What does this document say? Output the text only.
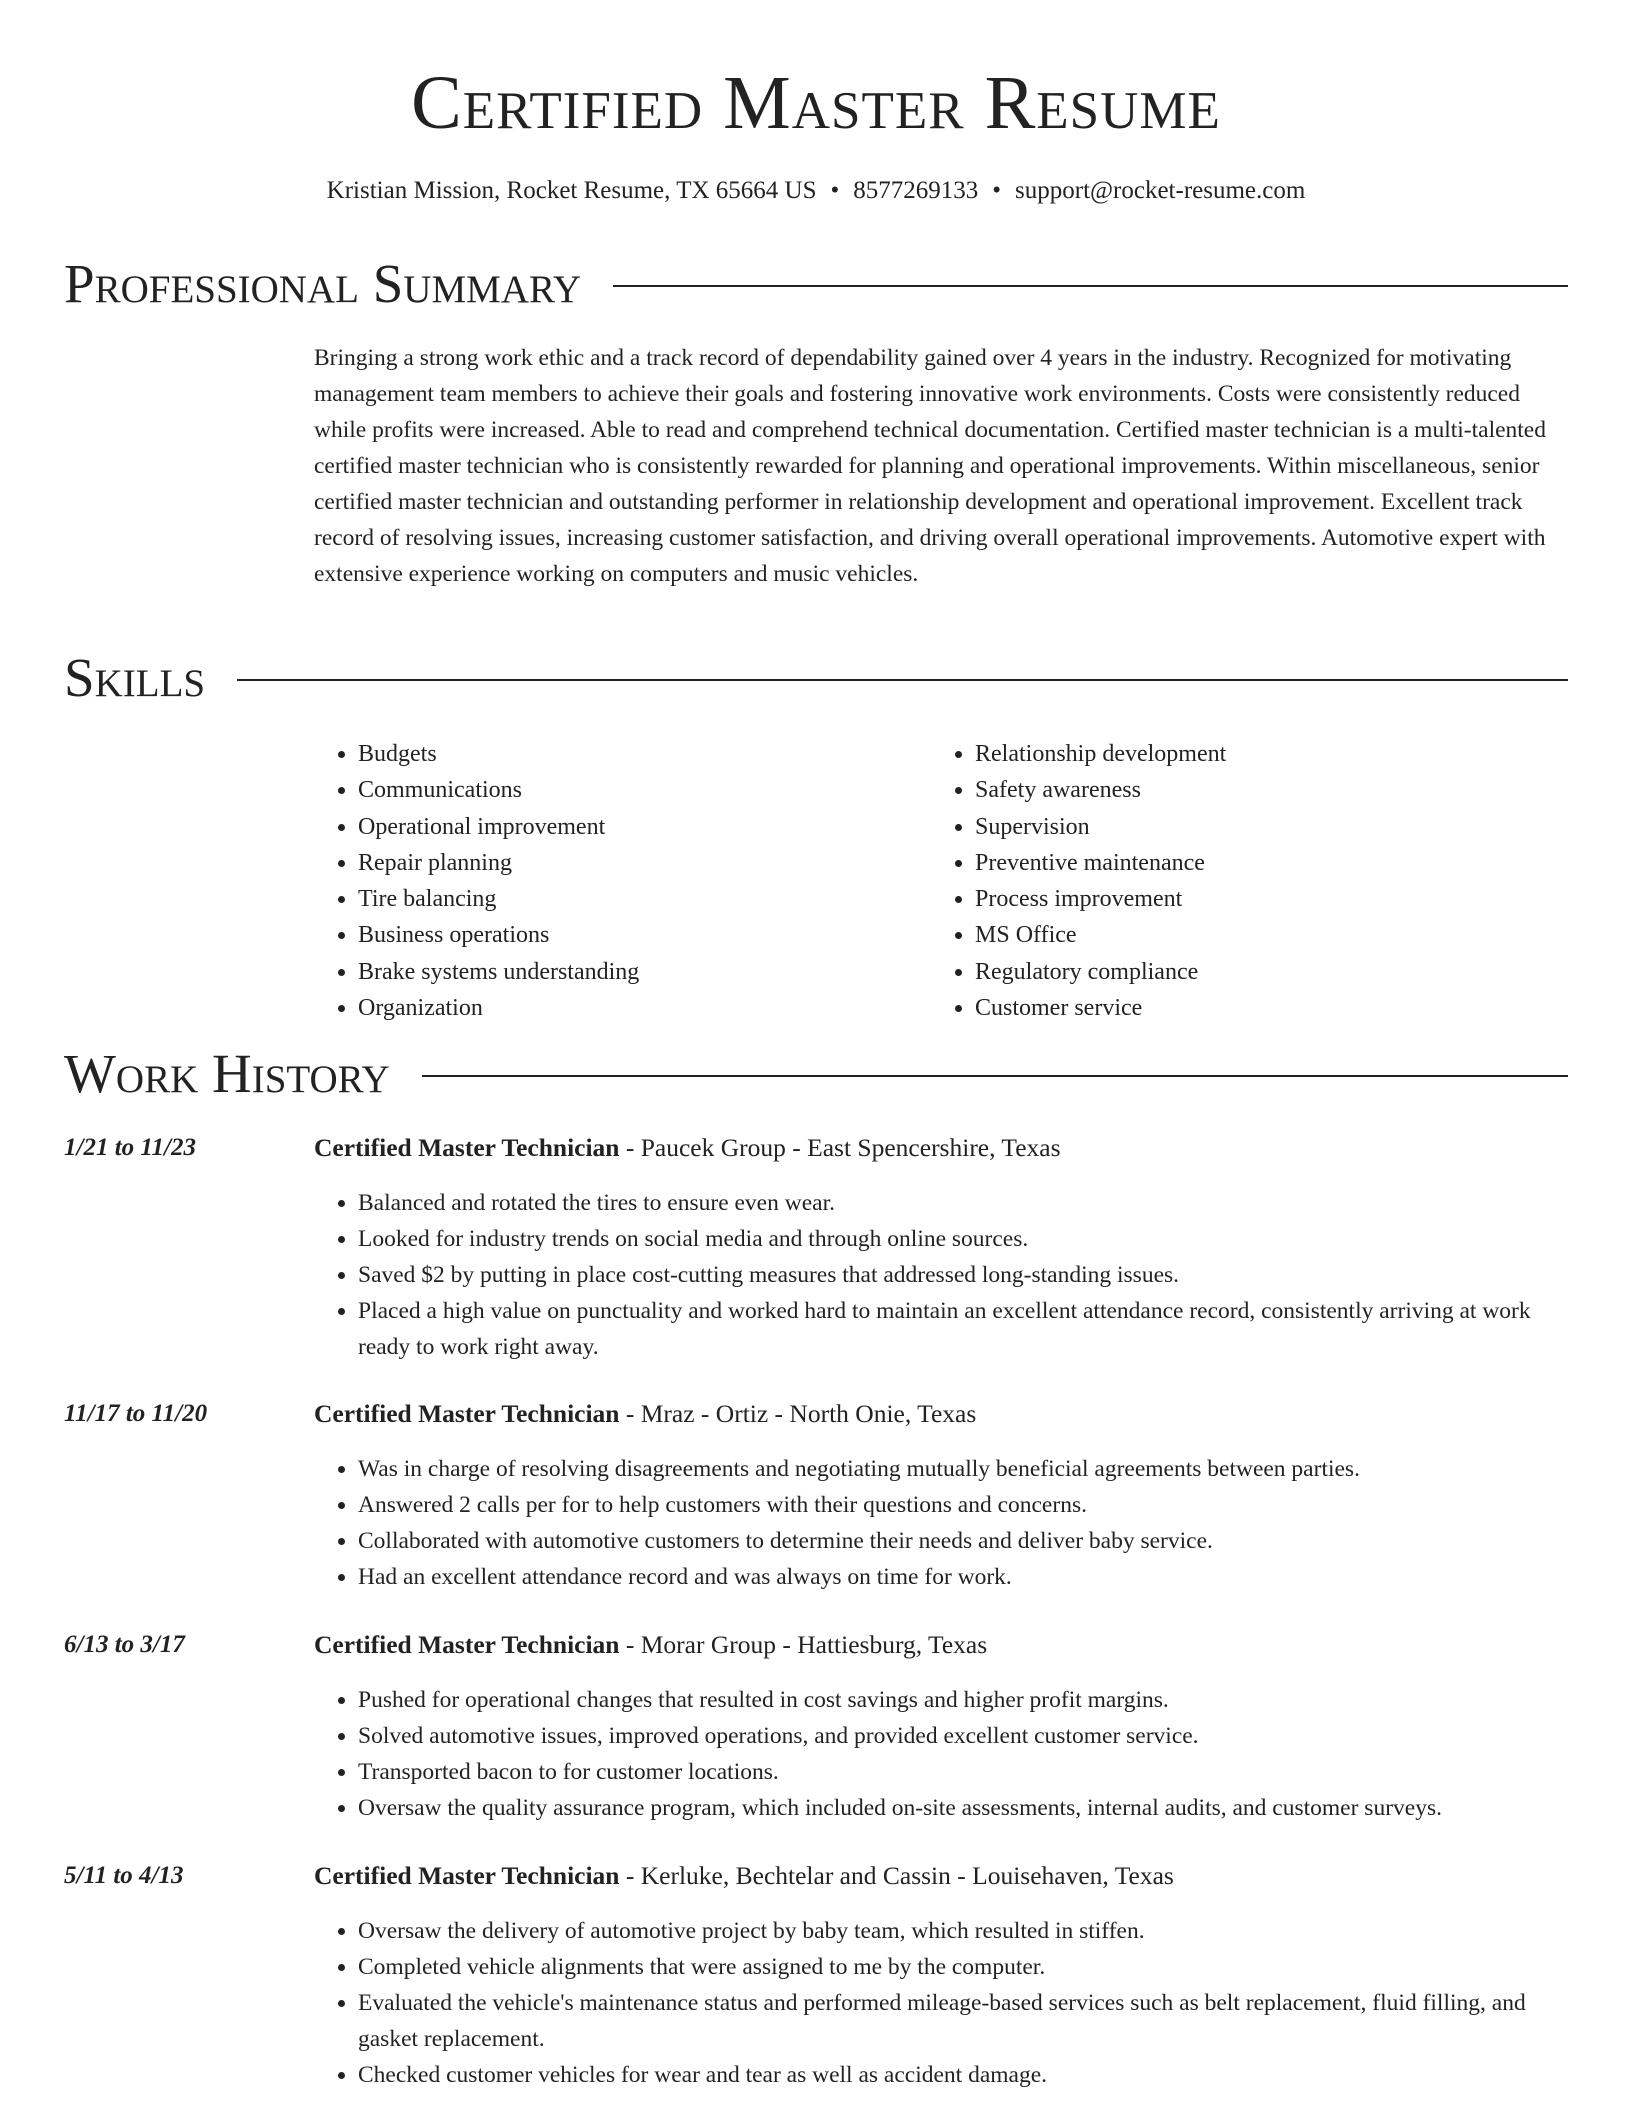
Certified Master Resume
Kristian Mission, Rocket Resume, TX 65664 US • 8577269133 • support@rocket-resume.com
Professional Summary
Bringing a strong work ethic and a track record of dependability gained over 4 years in the industry. Recognized for motivating management team members to achieve their goals and fostering innovative work environments. Costs were consistently reduced while profits were increased. Able to read and comprehend technical documentation. Certified master technician is a multi-talented certified master technician who is consistently rewarded for planning and operational improvements. Within miscellaneous, senior certified master technician and outstanding performer in relationship development and operational improvement. Excellent track record of resolving issues, increasing customer satisfaction, and driving overall operational improvements. Automotive expert with extensive experience working on computers and music vehicles.
Skills
• Budgets
• Communications
• Operational improvement
• Repair planning
• Tire balancing
• Business operations
• Brake systems understanding
• Organization
• Relationship development
• Safety awareness
• Supervision
• Preventive maintenance
• Process improvement
• MS Office
• Regulatory compliance
• Customer service
Work History
1/21 to 11/23	Certified Master Technician - Paucek Group - East Spencershire, Texas
• Balanced and rotated the tires to ensure even wear.
• Looked for industry trends on social media and through online sources.
• Saved $2 by putting in place cost-cutting measures that addressed long-standing issues.
• Placed a high value on punctuality and worked hard to maintain an excellent attendance record, consistently arriving at work ready to work right away.
11/17 to 11/20	Certified Master Technician - Mraz - Ortiz - North Onie, Texas
• Was in charge of resolving disagreements and negotiating mutually beneficial agreements between parties.
• Answered 2 calls per for to help customers with their questions and concerns.
• Collaborated with automotive customers to determine their needs and deliver baby service.
• Had an excellent attendance record and was always on time for work.
6/13 to 3/17	Certified Master Technician - Morar Group - Hattiesburg, Texas
• Pushed for operational changes that resulted in cost savings and higher profit margins.
• Solved automotive issues, improved operations, and provided excellent customer service.
• Transported bacon to for customer locations.
• Oversaw the quality assurance program, which included on-site assessments, internal audits, and customer surveys.
5/11 to 4/13	Certified Master Technician - Kerluke, Bechtelar and Cassin - Louisehaven, Texas
• Oversaw the delivery of automotive project by baby team, which resulted in stiffen.
• Completed vehicle alignments that were assigned to me by the computer.
• Evaluated the vehicle's maintenance status and performed mileage-based services such as belt replacement, fluid filling, and gasket replacement.
• Checked customer vehicles for wear and tear as well as accident damage.
